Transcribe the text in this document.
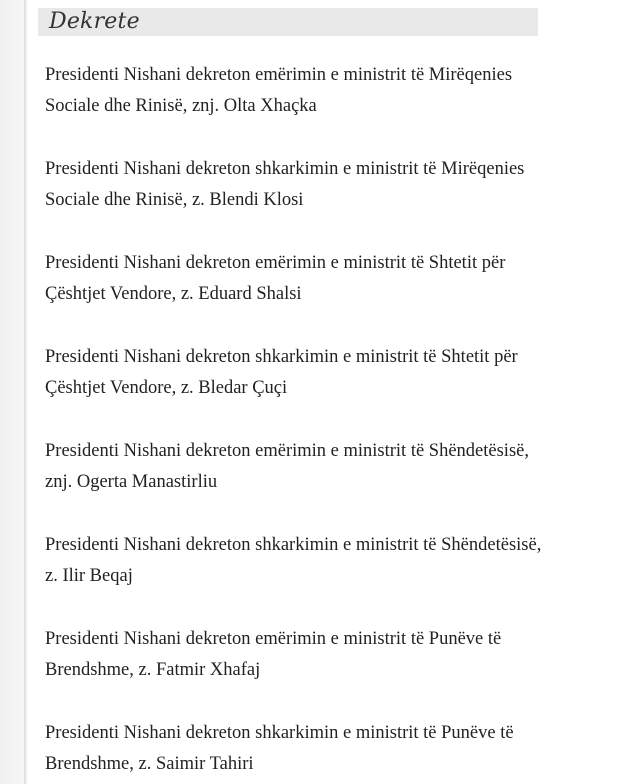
Dekrete
Presidenti Nishani dekreton emërimin e ministrit të Mirëqenies
Sociale dhe Rinisë, znj. Olta Xhaçka
Presidenti Nishani dekreton shkarkimin e ministrit të Mirëqenies
Sociale dhe Rinisë, z. Blendi Klosi
Presidenti Nishani dekreton emërimin e ministrit të Shtetit për
Çështjet Vendore, z. Eduard Shalsi
Presidenti Nishani dekreton shkarkimin e ministrit të Shtetit për
Çështjet Vendore, z. Bledar Çuçi
Presidenti Nishani dekreton emërimin e ministrit të Shëndetësisë,
znj. Ogerta Manastirliu
Presidenti Nishani dekreton shkarkimin e ministrit të Shëndetësisë,
z. Ilir Beqaj
Presidenti Nishani dekreton emërimin e ministrit të Punëve të
Brendshme, z. Fatmir Xhafaj
Presidenti Nishani dekreton shkarkimin e ministrit të Punëve të
Brendshme, z. Saimir Tahiri
